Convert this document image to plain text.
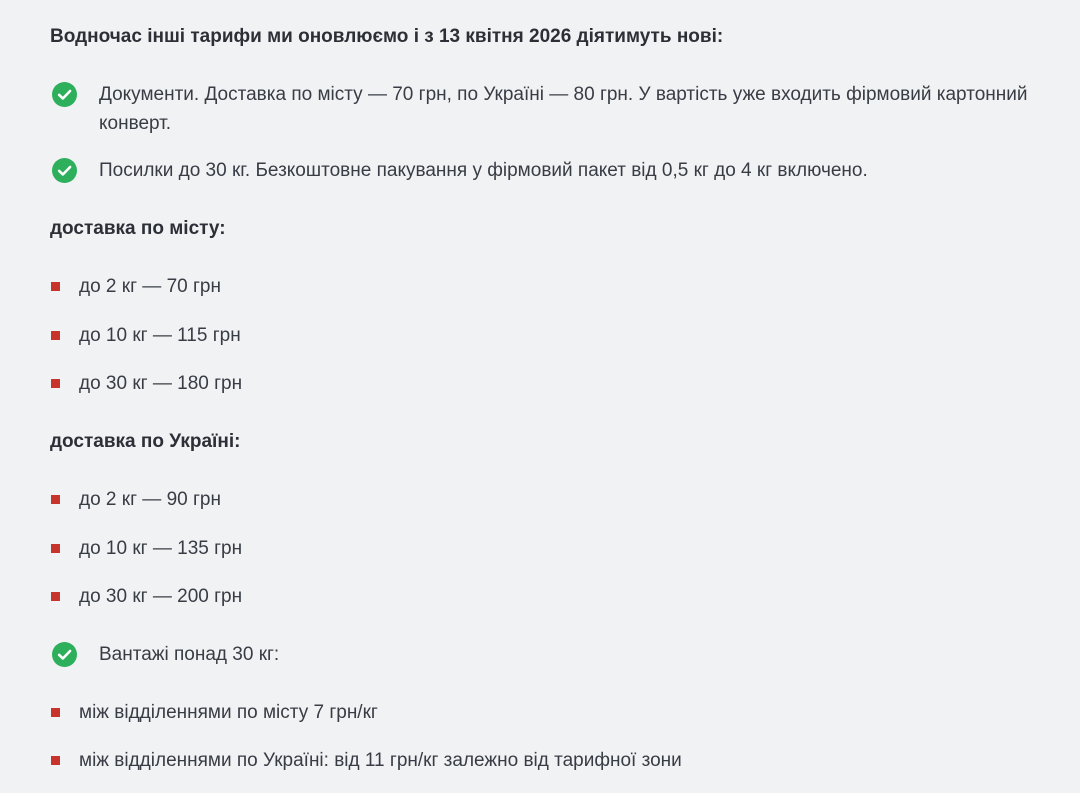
Водночас інші тарифи ми оновлюємо і з 13 квітня 2026 діятимуть нові:
Документи. Доставка по місту — 70 грн, по Україні — 80 грн. У вартість уже входить фірмовий картонний конверт.
Посилки до 30 кг. Безкоштовне пакування у фірмовий пакет від 0,5 кг до 4 кг включено.
доставка по місту:
до 2 кг — 70 грн
до 10 кг — 115 грн
до 30 кг — 180 грн
доставка по Україні:
до 2 кг — 90 грн
до 10 кг — 135 грн
до 30 кг — 200 грн
Вантажі понад 30 кг:
між відділеннями по місту 7 грн/кг
між відділеннями по Україні: від 11 грн/кг залежно від тарифної зони
